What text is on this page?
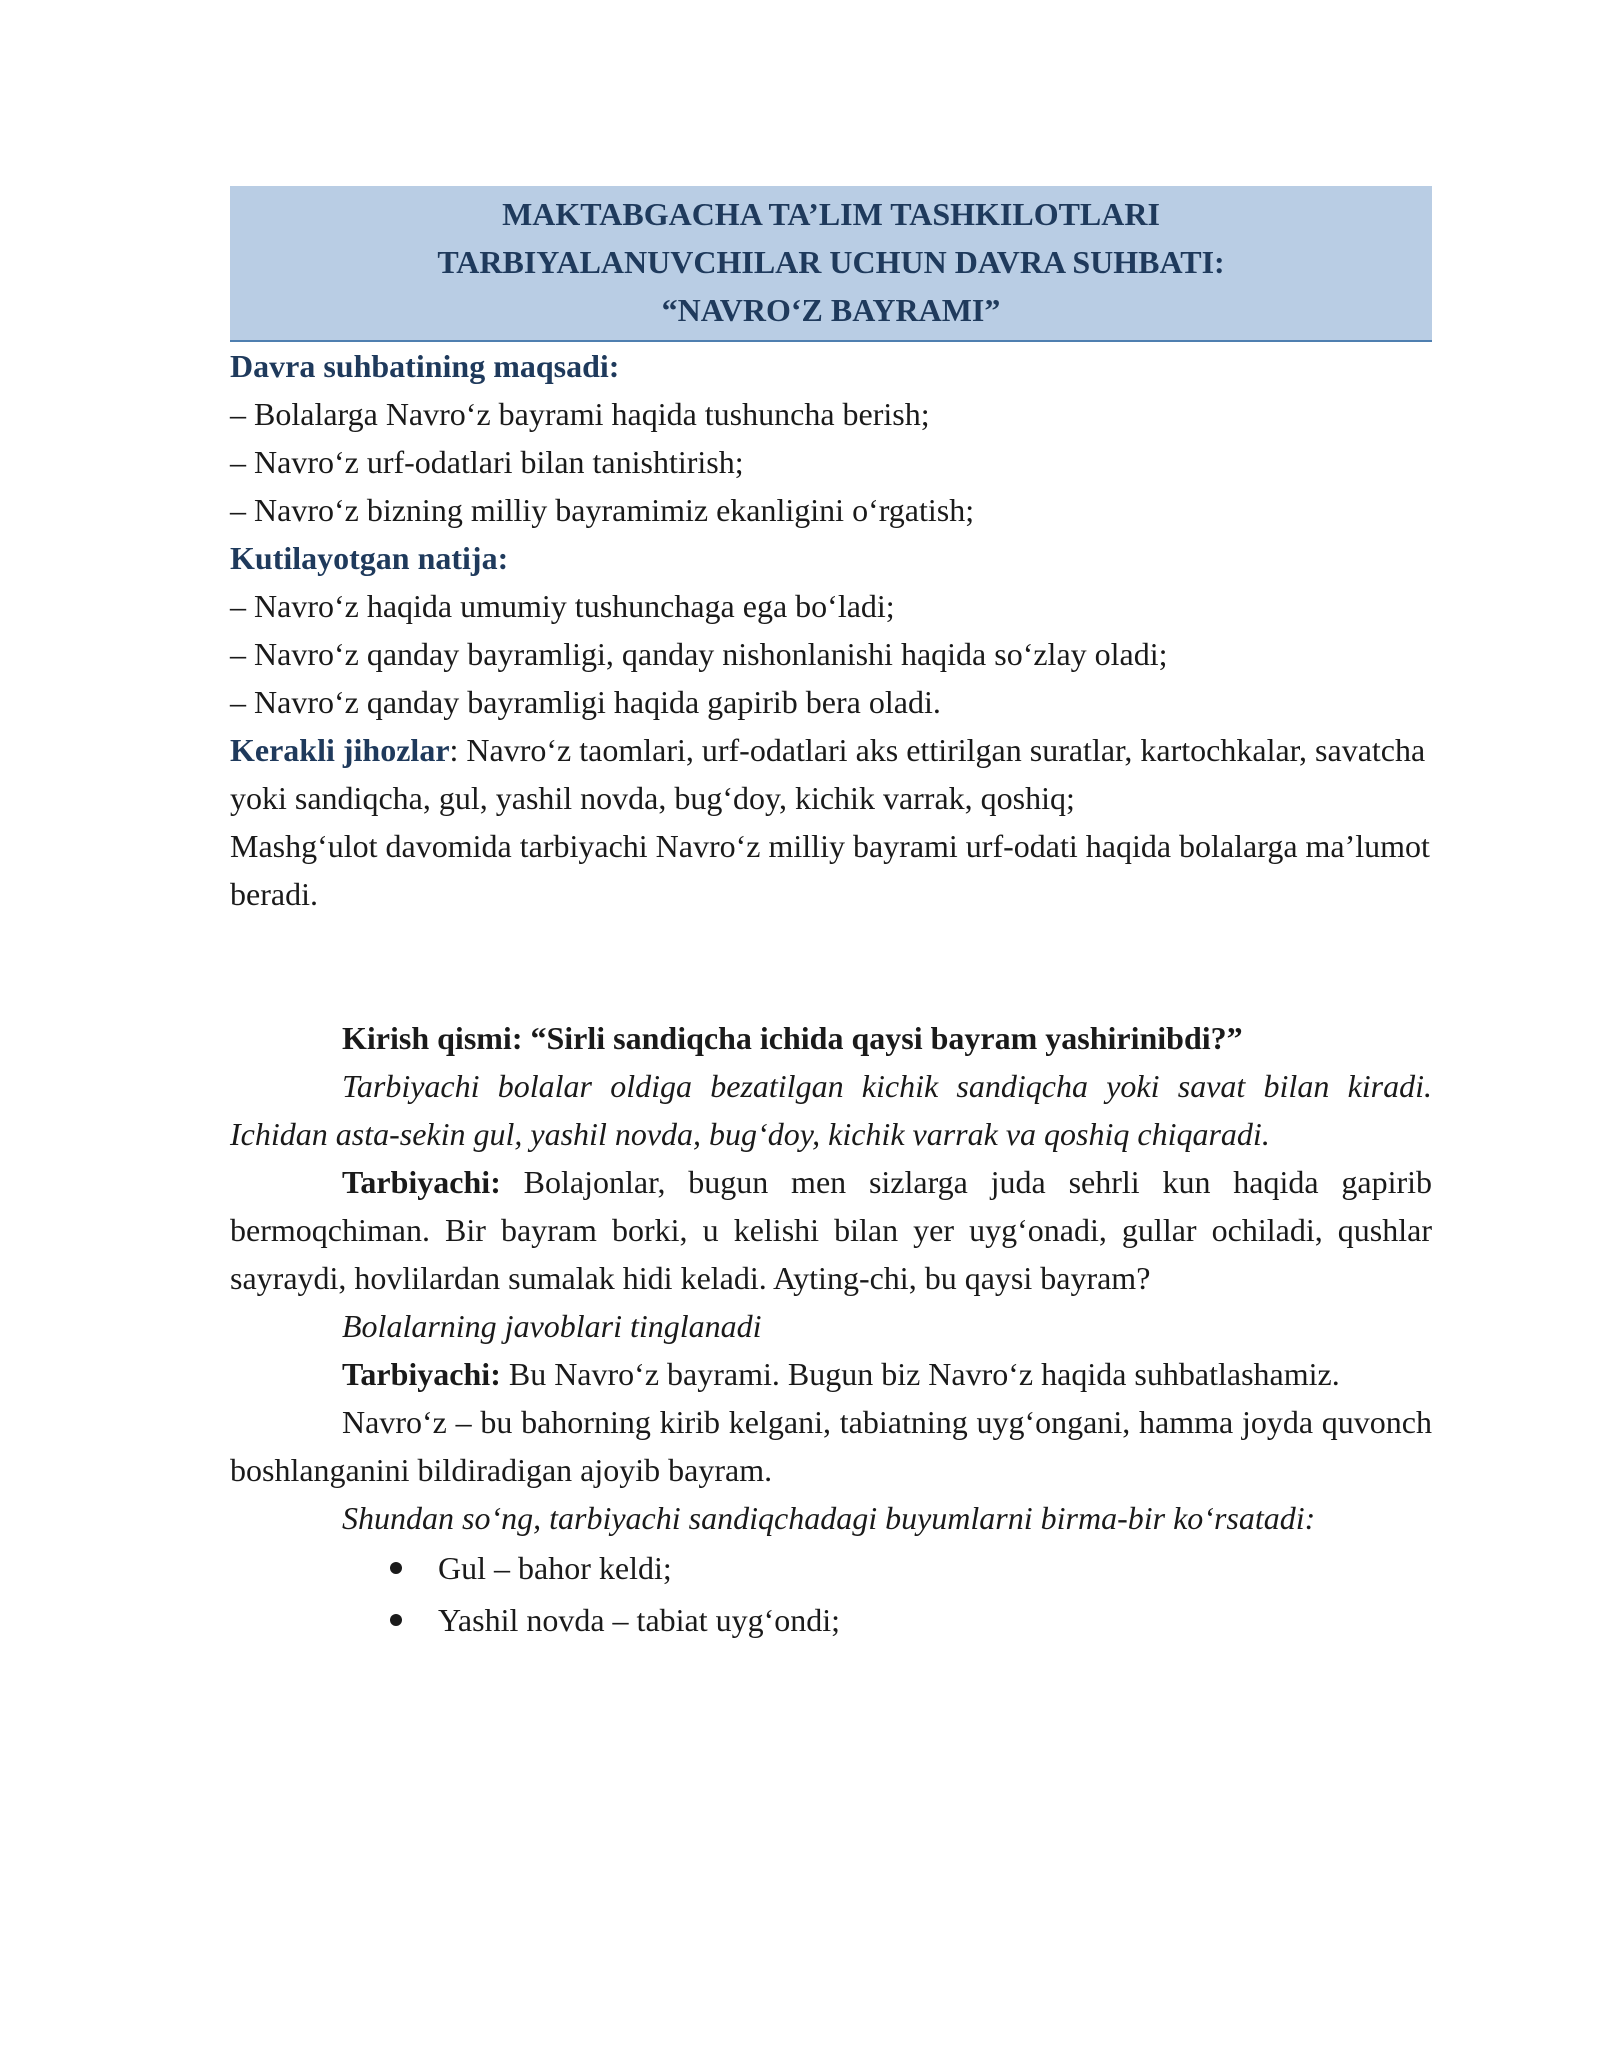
MAKTABGACHA TA’LIM TASHKILOTLARI

TARBIYALANUVCHILAR UCHUN DAVRA SUHBATI:

“NAVRO‘Z BAYRAMI”

Davra suhbatining maqsadi:

– Bolalarga Navro‘z bayrami haqida tushuncha berish;

– Navro‘z urf-odatlari bilan tanishtirish;

– Navro‘z bizning milliy bayramimiz ekanligini o‘rgatish;

Kutilayotgan natija:

– Navro‘z haqida umumiy tushunchaga ega bo‘ladi;

– Navro‘z qanday bayramligi, qanday nishonlanishi haqida so‘zlay oladi;

– Navro‘z qanday bayramligi haqida gapirib bera oladi.

Kerakli jihozlar: Navro‘z taomlari, urf-odatlari aks ettirilgan suratlar, kartochkalar, savatcha yoki sandiqcha, gul, yashil novda, bug‘doy, kichik varrak, qoshiq;

Mashg‘ulot davomida tarbiyachi Navro‘z milliy bayrami urf-odati haqida bolalarga ma’lumot beradi.

Kirish qismi: “Sirli sandiqcha ichida qaysi bayram yashirinibdi?”

Tarbiyachi bolalar oldiga bezatilgan kichik sandiqcha yoki savat bilan kiradi. Ichidan asta-sekin gul, yashil novda, bug‘doy, kichik varrak va qoshiq chiqaradi.

Tarbiyachi: Bolajonlar, bugun men sizlarga juda sehrli kun haqida gapirib bermoqchiman. Bir bayram borki, u kelishi bilan yer uyg‘onadi, gullar ochiladi, qushlar sayraydi, hovlilardan sumalak hidi keladi. Ayting-chi, bu qaysi bayram?

Bolalarning javoblari tinglanadi

Tarbiyachi: Bu Navro‘z bayrami. Bugun biz Navro‘z haqida suhbatlashamiz.

Navro‘z – bu bahorning kirib kelgani, tabiatning uyg‘ongani, hamma joyda quvonch boshlanganini bildiradigan ajoyib bayram.

Shundan so‘ng, tarbiyachi sandiqchadagi buyumlarni birma-bir ko‘rsatadi:

Gul – bahor keldi;
Yashil novda – tabiat uyg‘ondi;
